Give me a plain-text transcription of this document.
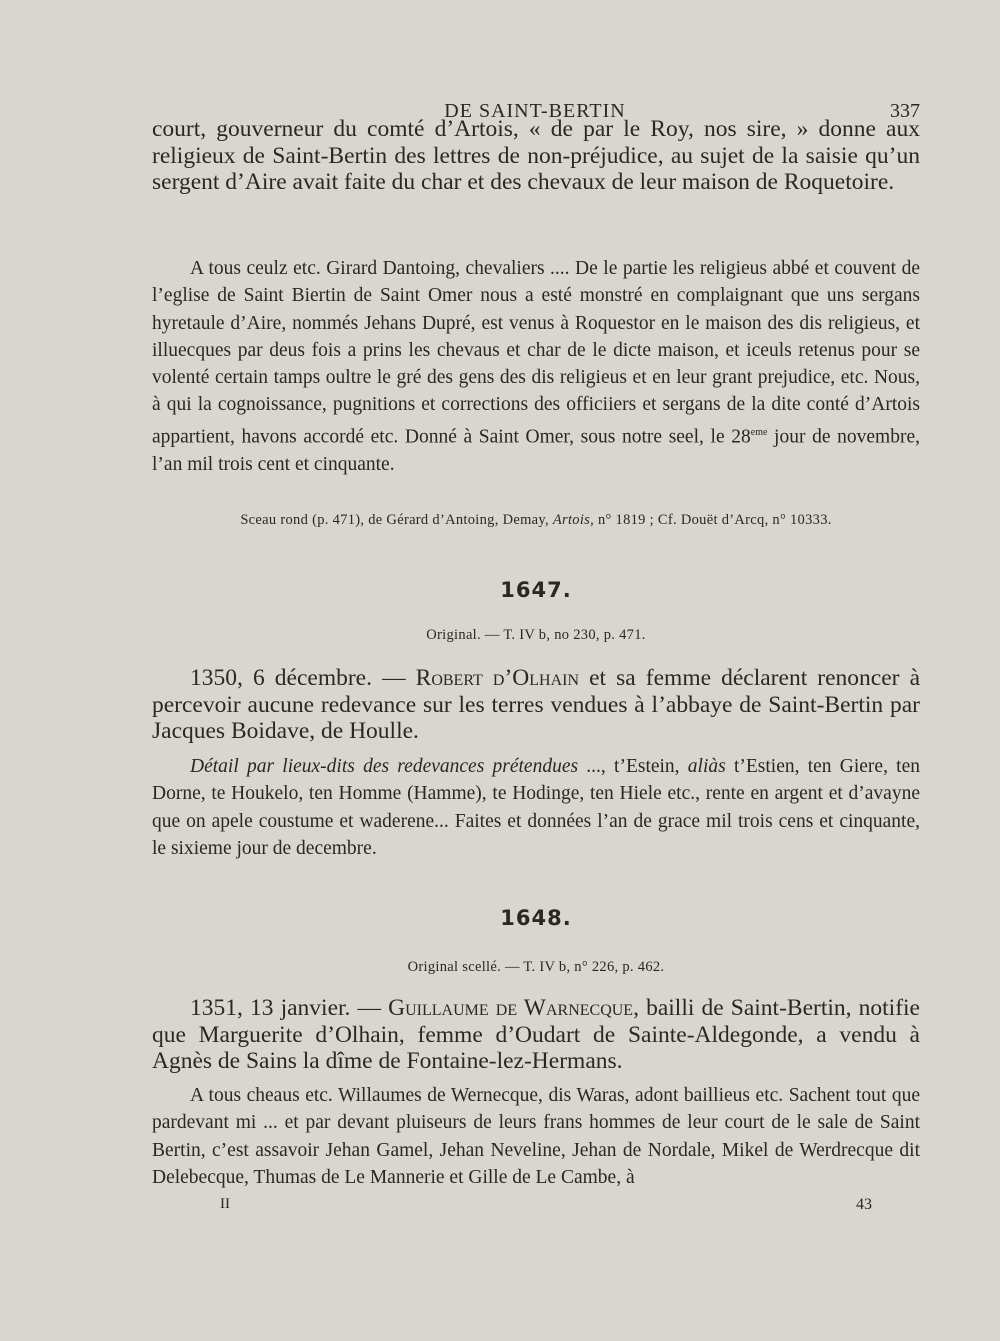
DE SAINT-BERTIN	337

court, gouverneur du comté d’Artois, « de par le Roy, nos sire, » donne aux religieux de Saint-Bertin des lettres de non-préjudice, au sujet de la saisie qu’un sergent d’Aire avait faite du char et des chevaux de leur maison de Roquetoire.

A tous ceulz etc. Girard Dantoing, chevaliers .... De le partie les religieus abbé et couvent de l’eglise de Saint Biertin de Saint Omer nous a esté monstré en complaignant que uns sergans hyretaule d’Aire, nommés Jehans Dupré, est venus à Roquestor en le maison des dis religieus, et illuecques par deus fois a prins les chevaus et char de le dicte maison, et iceuls retenus pour se volenté certain tamps oultre le gré des gens des dis religieus et en leur grant prejudice, etc. Nous, à qui la cognoissance, pugnitions et corrections des officiiers et sergans de la dite conté d’Artois appartient, havons accordé etc. Donné à Saint Omer, sous notre seel, le 28eme jour de novembre, l’an mil trois cent et cinquante.

Sceau rond (p. 471), de Gérard d’Antoing, Demay, Artois, n° 1819 ; Cf. Douët d’Arcq, n° 10333.

1647.

Original. — T. IV b, no 230, p. 471.

1350, 6 décembre. — Robert d’Olhain et sa femme déclarent renoncer à percevoir aucune redevance sur les terres vendues à l’abbaye de Saint-Bertin par Jacques Boidave, de Houlle.

Détail par lieux-dits des redevances prétendues ..., t’Estein, aliàs t’Estien, ten Giere, ten Dorne, te Houkelo, ten Homme (Hamme), te Hodinge, ten Hiele etc., rente en argent et d’avayne que on apele coustume et waderene... Faites et données l’an de grace mil trois cens et cinquante, le sixieme jour de decembre.

1648.

Original scellé. — T. IV b, n° 226, p. 462.

1351, 13 janvier. — Guillaume de Warnecque, bailli de Saint-Bertin, notifie que Marguerite d’Olhain, femme d’Oudart de Sainte-Aldegonde, a vendu à Agnès de Sains la dîme de Fontaine-lez-Hermans.

A tous cheaus etc. Willaumes de Wernecque, dis Waras, adont baillieus etc. Sachent tout que pardevant mi ... et par devant pluiseurs de leurs frans hommes de leur court de le sale de Saint Bertin, c’est assavoir Jehan Gamel, Jehan Neveline, Jehan de Nordale, Mikel de Werdrecque dit Delebecque, Thumas de Le Mannerie et Gille de Le Cambe, à

II	43
